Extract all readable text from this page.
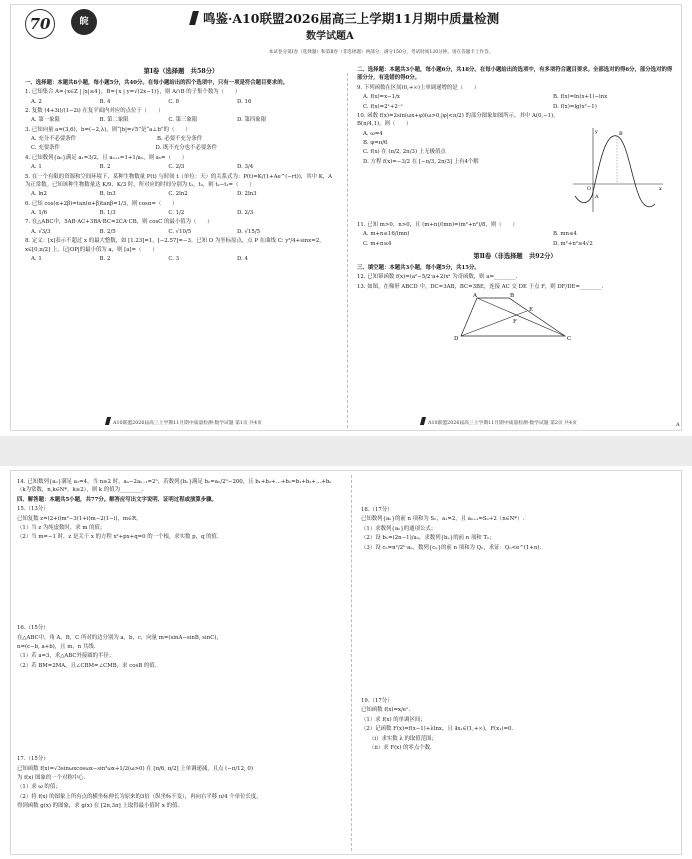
70	皖	鸣鉴·A10联盟2026届高三上学期11月期中质量检测
数学试题A
本试卷分第Ⅰ卷（选择题）和第Ⅱ卷（非选择题）两部分，满分150分，考试时间120分钟。请在答题卡上作答。
第Ⅰ卷（选择题　共58分）
一、选择题：本题共8小题，每小题5分，共40分。在每小题给出的四个选项中，只有一项是符合题目要求的。
1. 已知集合 A={x∈Z | |x|≤4}，B={x | y=√(2x−1)}，则 A∩B 的子集个数为（　　）
A. 2	B. 4	C. 8	D. 16
2. 复数 (4+3i)/(1−2i) 在复平面内对应的点位于（　　）
A. 第一象限	B. 第二象限	C. 第三象限	D. 第四象限
3. 已知向量 a=(3,6)，b=(−2,λ)，则“|b|=√5”是“a⊥b”的（　　）
A. 充分不必要条件	B. 必要不充分条件
C. 充要条件	D. 既不充分也不必要条件
4. 已知数列{aₙ}满足 a₁=3/2，且 aₙ₊₁=1+1/aₙ，则 a₅=（　　）
A. 1	B. 2	C. 2/3	D. 3/4
5. 在一个有限的资源和空间环境下，某种生物数量 P(t) 与时间 t（单位：天）的关系式为：P(t)=K/(1+Ae^(−rt))，其中 K，A 为正常数。已知该种生物数量达 K/9、K/3 时，所对应的时间分别为 t₁，t₂，则 t₂−t₁=（　　）
A. ln2	B. ln3	C. 2ln2	D. 2ln3
6. 已知 cos(α+2β)=tan(α+β)tanβ=1/3，则 cosα=（　　）
A. 1/6	B. 1/3	C. 1/2	D. 2/3
7. 在△ABC中，5AB·AC+3BA·BC=2CA·CB，则 cosC 的最小值为（　　）
A. √3/3	B. 2/5	C. √10/5	D. √15/5
8. 定义：[x]表示不超过 x 的最大整数，如 [1.23]=1，[−2.57]=−3。已知 O 为坐标原点，点 P 在曲线 C: y²/4+sinx=2，x∈[0,π/2] 上，记|OP|的最小值为 a，则 [a]=（　　）
A. 1	B. 2	C. 3	D. 4
A10联盟2026届高三上学期11月期中质量检测·数学试题 第1页 共4页
二、选择题：本题共3小题，每小题6分，共18分。在每小题给出的选项中，有多项符合题目要求。全部选对的得6分，部分选对的得部分分，有选错的得0分。
9. 下列函数在区间(0,+∞)上单调递增的是（　　）
A. f(x)=x−1/x	B. f(x)=ln(x+1)−lnx
C. f(x)=2ˣ+2⁻ˣ	D. f(x)=lg(x²−1)
10. 函数 f(x)=2sin(ωx+φ)(ω>0,|φ|<π/2) 的部分图象如图所示，其中 A(0,−1)，B(π/4,1)，则（　　）
A. ω=4
B. φ=π/6
C. f(x) 在 (π/2, 2π/3) 上无极值点
D. 方程 f(x)=−3/2 在 [−π/3, 2π/3] 上有4个解
y
O	x
A
B
11. 已知 m>0，n>0，且 (m+n)/(mn)=(m²+n²)/8，则（　　）
A. m+n≤16/(mn)	B. mn≤4
C. m+n≤4	D. m²+n²≥4√2
第Ⅱ卷（非选择题　共92分）
三、填空题：本题共3小题，每小题5分，共15分。
12. 已知幂函数 f(x)=(a²−5/2·a+2)xᵃ 为奇函数，则 a=________.
13. 如图，在梯形 ABCD 中，DC=3AB，BC=3BE，连接 AC 交 DE 于点 F，则 DF/DE=________.
A	B
C
D
E
F
A10联盟2026届高三上学期11月期中质量检测·数学试题 第2页 共4页	A
14. 已知数列{aₙ}满足 a₁=4，当 n≥2 时，aₙ−2aₙ₋₁=2ⁿ，若数列{bₙ}满足 bₙ=aₙ/2ⁿ−200，且 b₁+b₂+…+bₙ=b₁+b₂+…+bₖ（k为常数，n,k∈N*，k≥2），则 k 的值为________.
四、解答题：本题共5小题，共77分。解答应写出文字说明、证明过程或演算步骤。
15.（13分）
已知复数 z=(2+i)m²−3(1+i)m−2(1−i)，m∈R。
（1）当 z 为纯虚数时，求 m 的值；
（2）当 m=−1 时，z 是关于 x 的方程 x²+px+q=0 的一个根，求实数 p，q 的值.
16.（15分）
在△ABC中，角 A，B，C 所对的边分别为 a，b，c，向量 m=(sinA−sinB, sinC)，
n=(c−b, a+b)，且 m，n 共线.
（1）若 a=3，求△ABC外接圆的半径；
（2）若 BM=2MA，且∠CBM=∠CMB，求 cosB 的值.
17.（15分）
已知函数 f(x)=√3sinωxcosωx−sin²ωx+1/2(ω>0) 在 [π/6, π/2] 上单调递减，且点 (−π/12, 0)
为 f(x) 图象的一个对称中心.
（1）求 ω 的值；
（2）将 f(x) 的图象上所有点的横坐标伸长为原来的3倍（纵坐标不变），再向右平移 π/4 个单位长度，
得到函数 g(x) 的图象，求 g(x) 在 [2π,3π] 上取得最小值时 x 的值.
18.（17分）
已知数列{aₙ}的前 n 项和为 Sₙ，a₁=2，且 aₙ₊₁=Sₙ+2（n∈N*）.
（1）求数列{aₙ}的通项公式；
（2）设 bₙ=(2n−1)/aₙ，求数列{bₙ}的前 n 项和 Tₙ；
（3）设 cₙ=n²/2ⁿ·aₙ，数列{cₙ}的前 n 项和为 Qₙ，求证：Qₙ<e^(1+n).
19.（17分）
已知函数 f(x)=x/eˣ.
（1）求 f(x) 的单调区间；
（2）记函数 F(x)=f(x−1)+λlnx，且 ∃x₁∈(1,+∞)，F(x₁)=0.
（ⅰ）求实数 λ 的取值范围；
（ⅱ）求 F(x) 的零点个数.
